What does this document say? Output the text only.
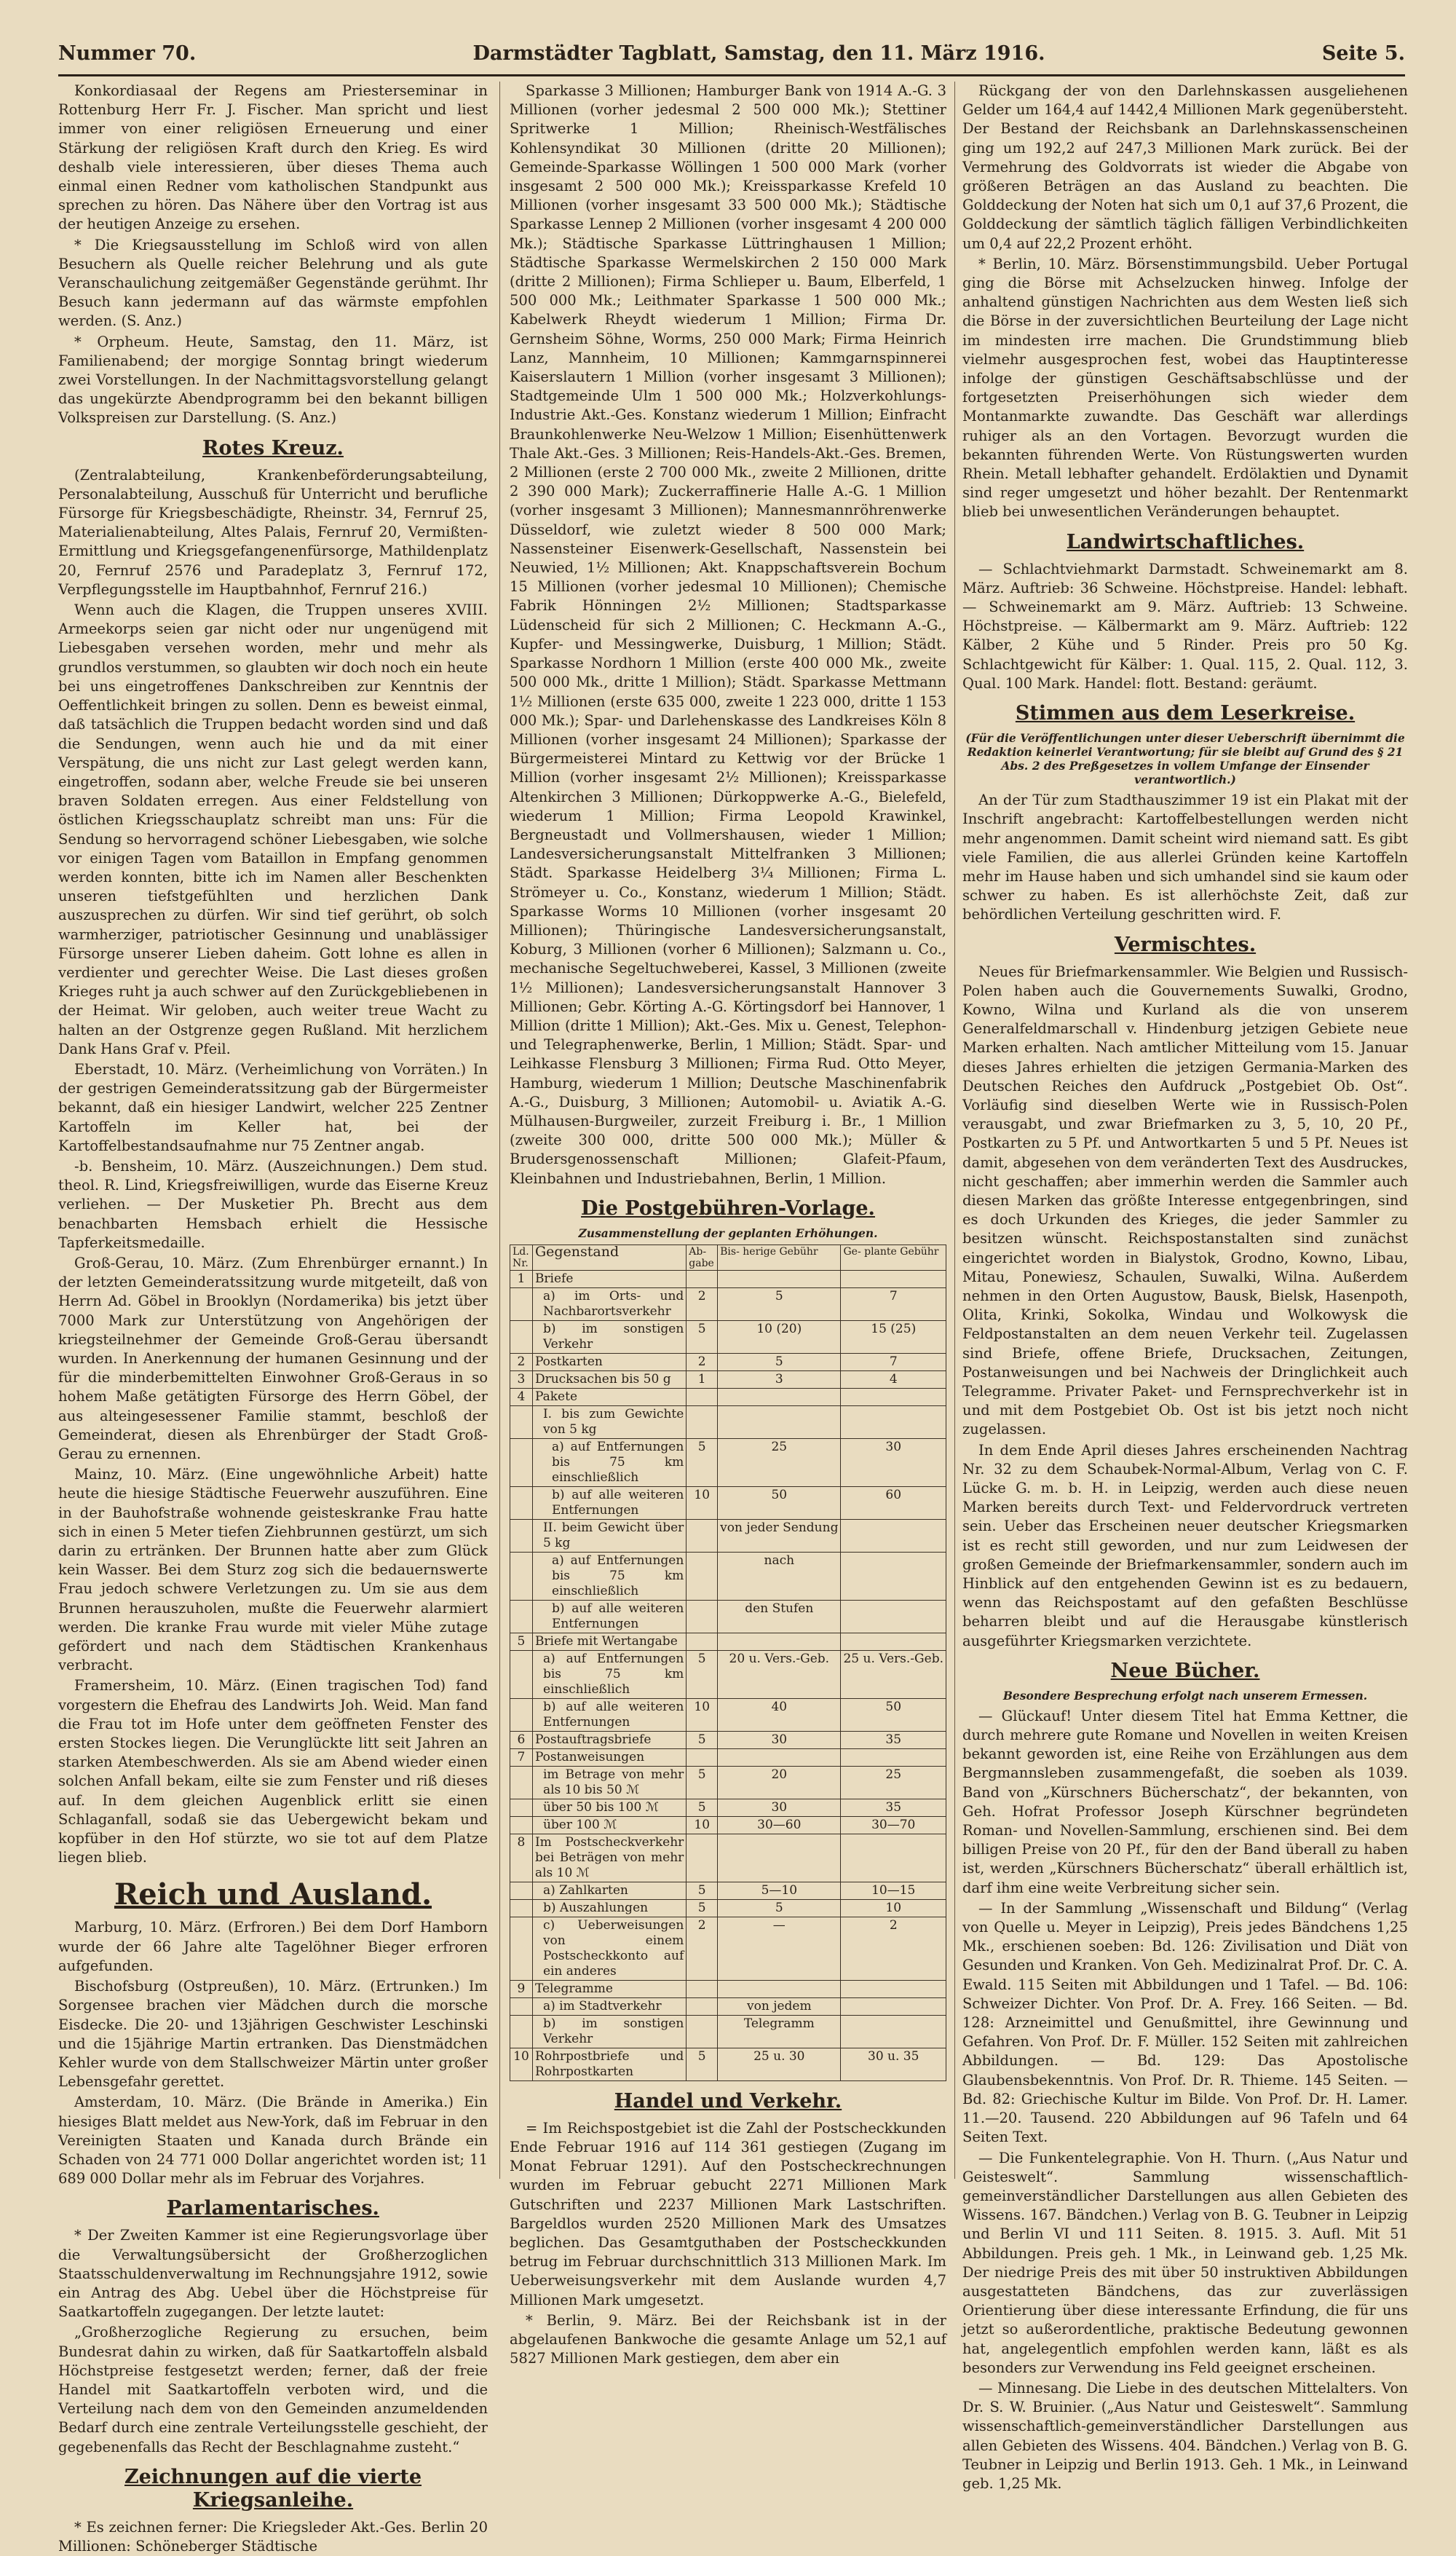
Nummer 70.	Darmstädter Tagblatt, Samstag, den 11. März 1916.	Seite 5.

Konkordiasaal der Regens am Priesterseminar in Rottenburg Herr Fr. J. Fischer. Man spricht und liest immer von einer religiösen Erneuerung und einer Stärkung der religiösen Kraft durch den Krieg. Es wird deshalb viele interessieren, über dieses Thema auch einmal einen Redner vom katholischen Standpunkt aus sprechen zu hören. Das Nähere über den Vortrag ist aus der heutigen Anzeige zu ersehen.

* Die Kriegsausstellung im Schloß wird von allen Besuchern als Quelle reicher Belehrung und als gute Veranschaulichung zeitgemäßer Gegenstände gerühmt. Ihr Besuch kann jedermann auf das wärmste empfohlen werden. (S. Anz.)

* Orpheum. Heute, Samstag, den 11. März, ist Familienabend; der morgige Sonntag bringt wiederum zwei Vorstellungen. In der Nachmittagsvorstellung gelangt das ungekürzte Abendprogramm bei den bekannt billigen Volkspreisen zur Darstellung. (S. Anz.)

Rotes Kreuz.

(Zentralabteilung, Krankenbeförderungsabteilung, Personalabteilung, Ausschuß für Unterricht und berufliche Fürsorge für Kriegsbeschädigte, Rheinstr. 34, Fernruf 25, Materialienabteilung, Altes Palais, Fernruf 20, Vermißten-Ermittlung und Kriegsgefangenenfürsorge, Mathildenplatz 20, Fernruf 2576 und Paradeplatz 3, Fernruf 172, Verpflegungsstelle im Hauptbahnhof, Fernruf 216.)

Wenn auch die Klagen, die Truppen unseres XVIII. Armeekorps seien gar nicht oder nur ungenügend mit Liebesgaben versehen worden, mehr und mehr als grundlos verstummen, so glaubten wir doch noch ein heute bei uns eingetroffenes Dankschreiben zur Kenntnis der Oeffentlichkeit bringen zu sollen. Denn es beweist einmal, daß tatsächlich die Truppen bedacht worden sind und daß die Sendungen, wenn auch hie und da mit einer Verspätung, die uns nicht zur Last gelegt werden kann, eingetroffen, sodann aber, welche Freude sie bei unseren braven Soldaten erregen. Aus einer Feldstellung von östlichen Kriegsschauplatz schreibt man uns: Für die Sendung so hervorragend schöner Liebesgaben, wie solche vor einigen Tagen vom Bataillon in Empfang genommen werden konnten, bitte ich im Namen aller Beschenkten unseren tiefstgefühlten und herzlichen Dank auszusprechen zu dürfen. Wir sind tief gerührt, ob solch warmherziger, patriotischer Gesinnung und unablässiger Fürsorge unserer Lieben daheim. Gott lohne es allen in verdienter und gerechter Weise. Die Last dieses großen Krieges ruht ja auch schwer auf den Zurückgebliebenen in der Heimat. Wir geloben, auch weiter treue Wacht zu halten an der Ostgrenze gegen Rußland. Mit herzlichem Dank Hans Graf v. Pfeil.

Eberstadt, 10. März. (Verheimlichung von Vorräten.) In der gestrigen Gemeinderatssitzung gab der Bürgermeister bekannt, daß ein hiesiger Landwirt, welcher 225 Zentner Kartoffeln im Keller hat, bei der Kartoffelbestandsaufnahme nur 75 Zentner angab.

-b. Bensheim, 10. März. (Auszeichnungen.) Dem stud. theol. R. Lind, Kriegsfreiwilligen, wurde das Eiserne Kreuz verliehen. — Der Musketier Ph. Brecht aus dem benachbarten Hemsbach erhielt die Hessische Tapferkeitsmedaille.

Groß-Gerau, 10. März. (Zum Ehrenbürger ernannt.) In der letzten Gemeinderatssitzung wurde mitgeteilt, daß von Herrn Ad. Göbel in Brooklyn (Nordamerika) bis jetzt über 7000 Mark zur Unterstützung von Angehörigen der kriegsteilnehmer der Gemeinde Groß-Gerau übersandt wurden. In Anerkennung der humanen Gesinnung und der für die minderbemittelten Einwohner Groß-Geraus in so hohem Maße getätigten Fürsorge des Herrn Göbel, der aus alteingesessener Familie stammt, beschloß der Gemeinderat, diesen als Ehrenbürger der Stadt Groß-Gerau zu ernennen.

Mainz, 10. März. (Eine ungewöhnliche Arbeit) hatte heute die hiesige Städtische Feuerwehr auszuführen. Eine in der Bauhofstraße wohnende geisteskranke Frau hatte sich in einen 5 Meter tiefen Ziehbrunnen gestürzt, um sich darin zu ertränken. Der Brunnen hatte aber zum Glück kein Wasser. Bei dem Sturz zog sich die bedauernswerte Frau jedoch schwere Verletzungen zu. Um sie aus dem Brunnen herauszuholen, mußte die Feuerwehr alarmiert werden. Die kranke Frau wurde mit vieler Mühe zutage gefördert und nach dem Städtischen Krankenhaus verbracht.

Framersheim, 10. März. (Einen tragischen Tod) fand vorgestern die Ehefrau des Landwirts Joh. Weid. Man fand die Frau tot im Hofe unter dem geöffneten Fenster des ersten Stockes liegen. Die Verunglückte litt seit Jahren an starken Atembeschwerden. Als sie am Abend wieder einen solchen Anfall bekam, eilte sie zum Fenster und riß dieses auf. In dem gleichen Augenblick erlitt sie einen Schlaganfall, sodaß sie das Uebergewicht bekam und kopfüber in den Hof stürzte, wo sie tot auf dem Platze liegen blieb.

Reich und Ausland.

Marburg, 10. März. (Erfroren.) Bei dem Dorf Hamborn wurde der 66 Jahre alte Tagelöhner Bieger erfroren aufgefunden.

Bischofsburg (Ostpreußen), 10. März. (Ertrunken.) Im Sorgensee brachen vier Mädchen durch die morsche Eisdecke. Die 20- und 13jährigen Geschwister Leschinski und die 15jährige Martin ertranken. Das Dienstmädchen Kehler wurde von dem Stallschweizer Märtin unter großer Lebensgefahr gerettet.

Amsterdam, 10. März. (Die Brände in Amerika.) Ein hiesiges Blatt meldet aus New-York, daß im Februar in den Vereinigten Staaten und Kanada durch Brände ein Schaden von 24 771 000 Dollar angerichtet worden ist; 11 689 000 Dollar mehr als im Februar des Vorjahres.

Parlamentarisches.

* Der Zweiten Kammer ist eine Regierungsvorlage über die Verwaltungsübersicht der Großherzoglichen Staatsschuldenverwaltung im Rechnungsjahre 1912, sowie ein Antrag des Abg. Uebel über die Höchstpreise für Saatkartoffeln zugegangen. Der letzte lautet:

„Großherzogliche Regierung zu ersuchen, beim Bundesrat dahin zu wirken, daß für Saatkartoffeln alsbald Höchstpreise festgesetzt werden; ferner, daß der freie Handel mit Saatkartoffeln verboten wird, und die Verteilung nach dem von den Gemeinden anzumeldenden Bedarf durch eine zentrale Verteilungsstelle geschieht, der gegebenenfalls das Recht der Beschlagnahme zusteht.“

Zeichnungen auf die vierte Kriegsanleihe.

* Es zeichnen ferner: Die Kriegsleder Akt.-Ges. Berlin 20 Millionen: Schöneberger Städtische

Sparkasse 3 Millionen; Hamburger Bank von 1914 A.-G. 3 Millionen (vorher jedesmal 2 500 000 Mk.); Stettiner Spritwerke 1 Million; Rheinisch-Westfälisches Kohlensyndikat 30 Millionen (dritte 20 Millionen); Gemeinde-Sparkasse Wöllingen 1 500 000 Mark (vorher insgesamt 2 500 000 Mk.); Kreissparkasse Krefeld 10 Millionen (vorher insgesamt 33 500 000 Mk.); Städtische Sparkasse Lennep 2 Millionen (vorher insgesamt 4 200 000 Mk.); Städtische Sparkasse Lüttringhausen 1 Million; Städtische Sparkasse Wermelskirchen 2 150 000 Mark (dritte 2 Millionen); Firma Schlieper u. Baum, Elberfeld, 1 500 000 Mk.; Leithmater Sparkasse 1 500 000 Mk.; Kabelwerk Rheydt wiederum 1 Million; Firma Dr. Gernsheim Söhne, Worms, 250 000 Mark; Firma Heinrich Lanz, Mannheim, 10 Millionen; Kammgarnspinnerei Kaiserslautern 1 Million (vorher insgesamt 3 Millionen); Stadtgemeinde Ulm 1 500 000 Mk.; Holzverkohlungs-Industrie Akt.-Ges. Konstanz wiederum 1 Million; Einfracht Braunkohlenwerke Neu-Welzow 1 Million; Eisenhüttenwerk Thale Akt.-Ges. 3 Millionen; Reis-Handels-Akt.-Ges. Bremen, 2 Millionen (erste 2 700 000 Mk., zweite 2 Millionen, dritte 2 390 000 Mark); Zuckerraffinerie Halle A.-G. 1 Million (vorher insgesamt 3 Millionen); Mannesmannröhrenwerke Düsseldorf, wie zuletzt wieder 8 500 000 Mark; Nassensteiner Eisenwerk-Gesellschaft, Nassenstein bei Neuwied, 1½ Millionen; Akt. Knappschaftsverein Bochum 15 Millionen (vorher jedesmal 10 Millionen); Chemische Fabrik Hönningen 2½ Millionen; Stadtsparkasse Lüdenscheid für sich 2 Millionen; C. Heckmann A.-G., Kupfer- und Messingwerke, Duisburg, 1 Million; Städt. Sparkasse Nordhorn 1 Million (erste 400 000 Mk., zweite 500 000 Mk., dritte 1 Million); Städt. Sparkasse Mettmann 1½ Millionen (erste 635 000, zweite 1 223 000, dritte 1 153 000 Mk.); Spar- und Darlehenskasse des Landkreises Köln 8 Millionen (vorher insgesamt 24 Millionen); Sparkasse der Bürgermeisterei Mintard zu Kettwig vor der Brücke 1 Million (vorher insgesamt 2½ Millionen); Kreissparkasse Altenkirchen 3 Millionen; Dürkoppwerke A.-G., Bielefeld, wiederum 1 Million; Firma Leopold Krawinkel, Bergneustadt und Vollmershausen, wieder 1 Million; Landesversicherungsanstalt Mittelfranken 3 Millionen; Städt. Sparkasse Heidelberg 3¼ Millionen; Firma L. Strömeyer u. Co., Konstanz, wiederum 1 Million; Städt. Sparkasse Worms 10 Millionen (vorher insgesamt 20 Millionen); Thüringische Landesversicherungsanstalt, Koburg, 3 Millionen (vorher 6 Millionen); Salzmann u. Co., mechanische Segeltuchweberei, Kassel, 3 Millionen (zweite 1½ Millionen); Landesversicherungsanstalt Hannover 3 Millionen; Gebr. Körting A.-G. Körtingsdorf bei Hannover, 1 Million (dritte 1 Million); Akt.-Ges. Mix u. Genest, Telephon- und Telegraphenwerke, Berlin, 1 Million; Städt. Spar- und Leihkasse Flensburg 3 Millionen; Firma Rud. Otto Meyer, Hamburg, wiederum 1 Million; Deutsche Maschinenfabrik A.-G., Duisburg, 3 Millionen; Automobil- u. Aviatik A.-G. Mülhausen-Burgweiler, zurzeit Freiburg i. Br., 1 Million (zweite 300 000, dritte 500 000 Mk.); Müller & Brudersgenossenschaft Millionen; Glafeit-Pfaum, Kleinbahnen und Industriebahnen, Berlin, 1 Million.

Die Postgebühren-Vorlage.
Zusammenstellung der geplanten Erhöhungen.
Ld. Nr.	Gegenstand	Ab- gabe	Bis- herige Gebühr	Ge- plante Gebühr
1	Briefe			
	a) im Orts- und Nachbarortsverkehr	2	5	7
	b) im sonstigen Verkehr	5	10 (20)	15 (25)
2	Postkarten	2	5	7
3	Drucksachen bis 50 g	1	3	4
4	Pakete			
	I. bis zum Gewichte von 5 kg			
	a) auf Entfernungen bis 75 km einschließlich	5	25	30
	b) auf alle weiteren Entfernungen	10	50	60
	II. beim Gewicht über 5 kg		von jeder Sendung	
	a) auf Entfernungen bis 75 km einschließlich		nach	
	b) auf alle weiteren Entfernungen		den Stufen	
5	Briefe mit Wertangabe			
	a) auf Entfernungen bis 75 km einschließlich	5	20 u. Vers.-Geb.	25 u. Vers.-Geb.
	b) auf alle weiteren Entfernungen	10	40	50
6	Postauftragsbriefe	5	30	35
7	Postanweisungen			
	im Betrage von mehr als 10 bis 50 ℳ	5	20	25
	über 50 bis 100 ℳ	5	30	35
	über 100 ℳ	10	30—60	30—70
8	Im Postscheckverkehr bei Beträgen von mehr als 10 ℳ			
	a) Zahlkarten	5	5—10	10—15
	b) Auszahlungen	5	5	10
	c) Ueberweisungen von einem Postscheckkonto auf ein anderes	2	—	2
9	Telegramme			
	a) im Stadtverkehr		von jedem	
	b) im sonstigen Verkehr		Telegramm	
10	Rohrpostbriefe und Rohrpostkarten	5	25 u. 30	30 u. 35
Handel und Verkehr.

= Im Reichspostgebiet ist die Zahl der Postscheckkunden Ende Februar 1916 auf 114 361 gestiegen (Zugang im Monat Februar 1291). Auf den Postscheckrechnungen wurden im Februar gebucht 2271 Millionen Mark Gutschriften und 2237 Millionen Mark Lastschriften. Bargeldlos wurden 2520 Millionen Mark des Umsatzes beglichen. Das Gesamtguthaben der Postscheckkunden betrug im Februar durchschnittlich 313 Millionen Mark. Im Ueberweisungsverkehr mit dem Auslande wurden 4,7 Millionen Mark umgesetzt.

* Berlin, 9. März. Bei der Reichsbank ist in der abgelaufenen Bankwoche die gesamte Anlage um 52,1 auf 5827 Millionen Mark gestiegen, dem aber ein

Rückgang der von den Darlehnskassen ausgeliehenen Gelder um 164,4 auf 1442,4 Millionen Mark gegenübersteht. Der Bestand der Reichsbank an Darlehnskassenscheinen ging um 192,2 auf 247,3 Millionen Mark zurück. Bei der Vermehrung des Goldvorrats ist wieder die Abgabe von größeren Beträgen an das Ausland zu beachten. Die Golddeckung der Noten hat sich um 0,1 auf 37,6 Prozent, die Golddeckung der sämtlich täglich fälligen Verbindlichkeiten um 0,4 auf 22,2 Prozent erhöht.

* Berlin, 10. März. Börsenstimmungsbild. Ueber Portugal ging die Börse mit Achselzucken hinweg. Infolge der anhaltend günstigen Nachrichten aus dem Westen ließ sich die Börse in der zuversichtlichen Beurteilung der Lage nicht im mindesten irre machen. Die Grundstimmung blieb vielmehr ausgesprochen fest, wobei das Hauptinteresse infolge der günstigen Geschäftsabschlüsse und der fortgesetzten Preiserhöhungen sich wieder dem Montanmarkte zuwandte. Das Geschäft war allerdings ruhiger als an den Vortagen. Bevorzugt wurden die bekannten führenden Werte. Von Rüstungswerten wurden Rhein. Metall lebhafter gehandelt. Erdölaktien und Dynamit sind reger umgesetzt und höher bezahlt. Der Rentenmarkt blieb bei unwesentlichen Veränderungen behauptet.

Landwirtschaftliches.

— Schlachtviehmarkt Darmstadt. Schweinemarkt am 8. März. Auftrieb: 36 Schweine. Höchstpreise. Handel: lebhaft. — Schweinemarkt am 9. März. Auftrieb: 13 Schweine. Höchstpreise. — Kälbermarkt am 9. März. Auftrieb: 122 Kälber, 2 Kühe und 5 Rinder. Preis pro 50 Kg. Schlachtgewicht für Kälber: 1. Qual. 115, 2. Qual. 112, 3. Qual. 100 Mark. Handel: flott. Bestand: geräumt.

Stimmen aus dem Leserkreise.
(Für die Veröffentlichungen unter dieser Ueberschrift übernimmt die Redaktion keinerlei Verantwortung; für sie bleibt auf Grund des § 21 Abs. 2 des Preßgesetzes in vollem Umfange der Einsender verantwortlich.)

An der Tür zum Stadthauszimmer 19 ist ein Plakat mit der Inschrift angebracht: Kartoffelbestellungen werden nicht mehr angenommen. Damit scheint wird niemand satt. Es gibt viele Familien, die aus allerlei Gründen keine Kartoffeln mehr im Hause haben und sich umhandel sind sie kaum oder schwer zu haben. Es ist allerhöchste Zeit, daß zur behördlichen Verteilung geschritten wird. F.

Vermischtes.

Neues für Briefmarkensammler. Wie Belgien und Russisch-Polen haben auch die Gouvernements Suwalki, Grodno, Kowno, Wilna und Kurland als die von unserem Generalfeldmarschall v. Hindenburg jetzigen Gebiete neue Marken erhalten. Nach amtlicher Mitteilung vom 15. Januar dieses Jahres erhielten die jetzigen Germania-Marken des Deutschen Reiches den Aufdruck „Postgebiet Ob. Ost“. Vorläufig sind dieselben Werte wie in Russisch-Polen verausgabt, und zwar Briefmarken zu 3, 5, 10, 20 Pf., Postkarten zu 5 Pf. und Antwortkarten 5 und 5 Pf. Neues ist damit, abgesehen von dem veränderten Text des Ausdruckes, nicht geschaffen; aber immerhin werden die Sammler auch diesen Marken das größte Interesse entgegenbringen, sind es doch Urkunden des Krieges, die jeder Sammler zu besitzen wünscht. Reichspostanstalten sind zunächst eingerichtet worden in Bialystok, Grodno, Kowno, Libau, Mitau, Ponewiesz, Schaulen, Suwalki, Wilna. Außerdem nehmen in den Orten Augustow, Bausk, Bielsk, Hasenpoth, Olita, Krinki, Sokolka, Windau und Wolkowysk die Feldpostanstalten an dem neuen Verkehr teil. Zugelassen sind Briefe, offene Briefe, Drucksachen, Zeitungen, Postanweisungen und bei Nachweis der Dringlichkeit auch Telegramme. Privater Paket- und Fernsprechverkehr ist in und mit dem Postgebiet Ob. Ost ist bis jetzt noch nicht zugelassen.

In dem Ende April dieses Jahres erscheinenden Nachtrag Nr. 32 zu dem Schaubek-Normal-Album, Verlag von C. F. Lücke G. m. b. H. in Leipzig, werden auch diese neuen Marken bereits durch Text- und Feldervordruck vertreten sein. Ueber das Erscheinen neuer deutscher Kriegsmarken ist es recht still geworden, und nur zum Leidwesen der großen Gemeinde der Briefmarkensammler, sondern auch im Hinblick auf den entgehenden Gewinn ist es zu bedauern, wenn das Reichspostamt auf den gefaßten Beschlüsse beharren bleibt und auf die Herausgabe künstlerisch ausgeführter Kriegsmarken verzichtete.

Neue Bücher.
Besondere Besprechung erfolgt nach unserem Ermessen.

— Glückauf! Unter diesem Titel hat Emma Kettner, die durch mehrere gute Romane und Novellen in weiten Kreisen bekannt geworden ist, eine Reihe von Erzählungen aus dem Bergmannsleben zusammengefaßt, die soeben als 1039. Band von „Kürschners Bücherschatz“, der bekannten, von Geh. Hofrat Professor Joseph Kürschner begründeten Roman- und Novellen-Sammlung, erschienen sind. Bei dem billigen Preise von 20 Pf., für den der Band überall zu haben ist, werden „Kürschners Bücherschatz“ überall erhältlich ist, darf ihm eine weite Verbreitung sicher sein.

— In der Sammlung „Wissenschaft und Bildung“ (Verlag von Quelle u. Meyer in Leipzig), Preis jedes Bändchens 1,25 Mk., erschienen soeben: Bd. 126: Zivilisation und Diät von Gesunden und Kranken. Von Geh. Medizinalrat Prof. Dr. C. A. Ewald. 115 Seiten mit Abbildungen und 1 Tafel. — Bd. 106: Schweizer Dichter. Von Prof. Dr. A. Frey. 166 Seiten. — Bd. 128: Arzneimittel und Genußmittel, ihre Gewinnung und Gefahren. Von Prof. Dr. F. Müller. 152 Seiten mit zahlreichen Abbildungen. — Bd. 129: Das Apostolische Glaubensbekenntnis. Von Prof. Dr. R. Thieme. 145 Seiten. — Bd. 82: Griechische Kultur im Bilde. Von Prof. Dr. H. Lamer. 11.—20. Tausend. 220 Abbildungen auf 96 Tafeln und 64 Seiten Text.

— Die Funkentelegraphie. Von H. Thurn. („Aus Natur und Geisteswelt“. Sammlung wissenschaftlich-gemeinverständlicher Darstellungen aus allen Gebieten des Wissens. 167. Bändchen.) Verlag von B. G. Teubner in Leipzig und Berlin VI und 111 Seiten. 8. 1915. 3. Aufl. Mit 51 Abbildungen. Preis geh. 1 Mk., in Leinwand geb. 1,25 Mk. Der niedrige Preis des mit über 50 instruktiven Abbildungen ausgestatteten Bändchens, das zur zuverlässigen Orientierung über diese interessante Erfindung, die für uns jetzt so außerordentliche, praktische Bedeutung gewonnen hat, angelegentlich empfohlen werden kann, läßt es als besonders zur Verwendung ins Feld geeignet erscheinen.

— Minnesang. Die Liebe in des deutschen Mittelalters. Von Dr. S. W. Bruinier. („Aus Natur und Geisteswelt“. Sammlung wissenschaftlich-gemeinverständlicher Darstellungen aus allen Gebieten des Wissens. 404. Bändchen.) Verlag von B. G. Teubner in Leipzig und Berlin 1913. Geh. 1 Mk., in Leinwand geb. 1,25 Mk.
